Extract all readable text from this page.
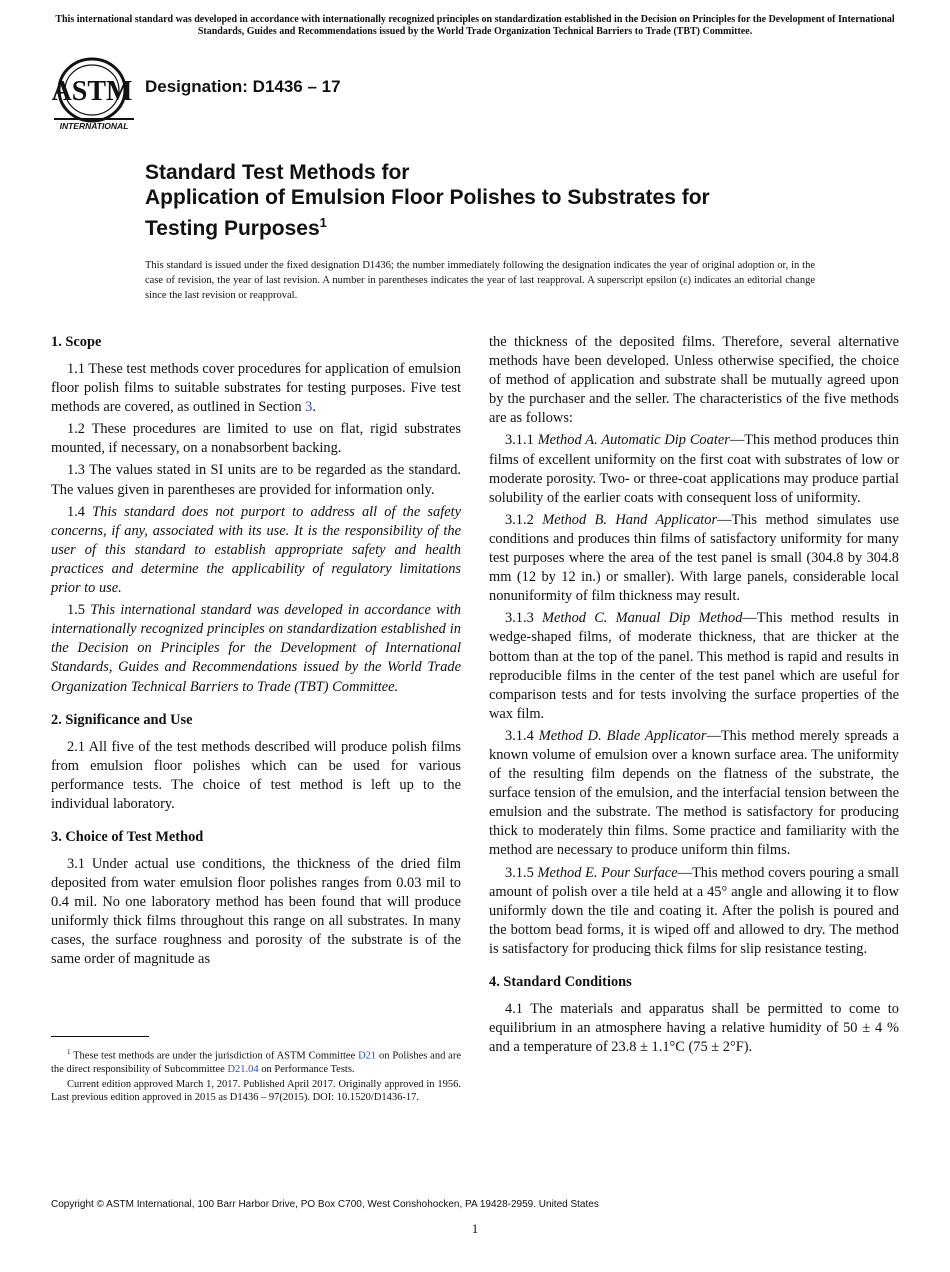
This international standard was developed in accordance with internationally recognized principles on standardization established in the Decision on Principles for the Development of International Standards, Guides and Recommendations issued by the World Trade Organization Technical Barriers to Trade (TBT) Committee.
ASTM
INTERNATIONAL
Designation: D1436 – 17
Standard Test Methods for
Application of Emulsion Floor Polishes to Substrates for
Testing Purposes$^1$
This standard is issued under the fixed designation D1436; the number immediately following the designation indicates the year of original adoption or, in the case of revision, the year of last revision. A number in parentheses indicates the year of last reapproval. A superscript epsilon (ε) indicates an editorial change since the last revision or reapproval.
1. Scope

1.1 These test methods cover procedures for application of emulsion floor polish films to suitable substrates for testing purposes. Five test methods are covered, as outlined in Section 3.

1.2 These procedures are limited to use on flat, rigid substrates mounted, if necessary, on a nonabsorbent backing.

1.3 The values stated in SI units are to be regarded as the standard. The values given in parentheses are provided for information only.

1.4 This standard does not purport to address all of the safety concerns, if any, associated with its use. It is the responsibility of the user of this standard to establish appropriate safety and health practices and determine the applicability of regulatory limitations prior to use.

1.5 This international standard was developed in accordance with internationally recognized principles on standardization established in the Decision on Principles for the Development of International Standards, Guides and Recommendations issued by the World Trade Organization Technical Barriers to Trade (TBT) Committee.

2. Significance and Use

2.1 All five of the test methods described will produce polish films from emulsion floor polishes which can be used for various performance tests. The choice of test method is left up to the individual laboratory.

3. Choice of Test Method

3.1 Under actual use conditions, the thickness of the dried film deposited from water emulsion floor polishes ranges from 0.03 mil to 0.4 mil. No one laboratory method has been found that will produce uniformly thick films throughout this range on all substrates. In many cases, the surface roughness and porosity of the substrate is of the same order of magnitude as

the thickness of the deposited films. Therefore, several alternative methods have been developed. Unless otherwise specified, the choice of method of application and substrate shall be mutually agreed upon by the purchaser and the seller. The characteristics of the five methods are as follows:

3.1.1 Method A. Automatic Dip Coater—This method produces thin films of excellent uniformity on the first coat with substrates of low or moderate porosity. Two- or three-coat applications may produce partial solubility of the earlier coats with consequent loss of uniformity.

3.1.2 Method B. Hand Applicator—This method simulates use conditions and produces thin films of satisfactory uniformity for many test purposes where the area of the test panel is small (304.8 by 304.8 mm (12 by 12 in.) or smaller). With large panels, considerable local nonuniformity of film thickness may result.

3.1.3 Method C. Manual Dip Method—This method results in wedge-shaped films, of moderate thickness, that are thicker at the bottom than at the top of the panel. This method is rapid and results in reproducible films in the center of the test panel which are useful for comparison tests and for tests involving the surface properties of the wax film.

3.1.4 Method D. Blade Applicator—This method merely spreads a known volume of emulsion over a known surface area. The uniformity of the resulting film depends on the flatness of the substrate, the surface tension of the emulsion, and the interfacial tension between the emulsion and the substrate. The method is satisfactory for producing thick to moderately thin films. Some practice and familiarity with the method are necessary to produce uniform thin films.

3.1.5 Method E. Pour Surface—This method covers pouring a small amount of polish over a tile held at a 45° angle and allowing it to flow uniformly down the tile and coating it. After the polish is poured and the bottom bead forms, it is wiped off and allowed to dry. The method is satisfactory for producing thick films for slip resistance testing.

4. Standard Conditions

4.1 The materials and apparatus shall be permitted to come to equilibrium in an atmosphere having a relative humidity of 50 ± 4 % and a temperature of 23.8 ± 1.1°C (75 ± 2°F).

$^1$ These test methods are under the jurisdiction of ASTM Committee D21 on Polishes and are the direct responsibility of Subcommittee D21.04 on Performance Tests.

Current edition approved March 1, 2017. Published April 2017. Originally approved in 1956. Last previous edition approved in 2015 as D1436 – 97(2015). DOI: 10.1520/D1436-17.

Copyright © ASTM International, 100 Barr Harbor Drive, PO Box C700, West Conshohocken, PA 19428-2959. United States
1
